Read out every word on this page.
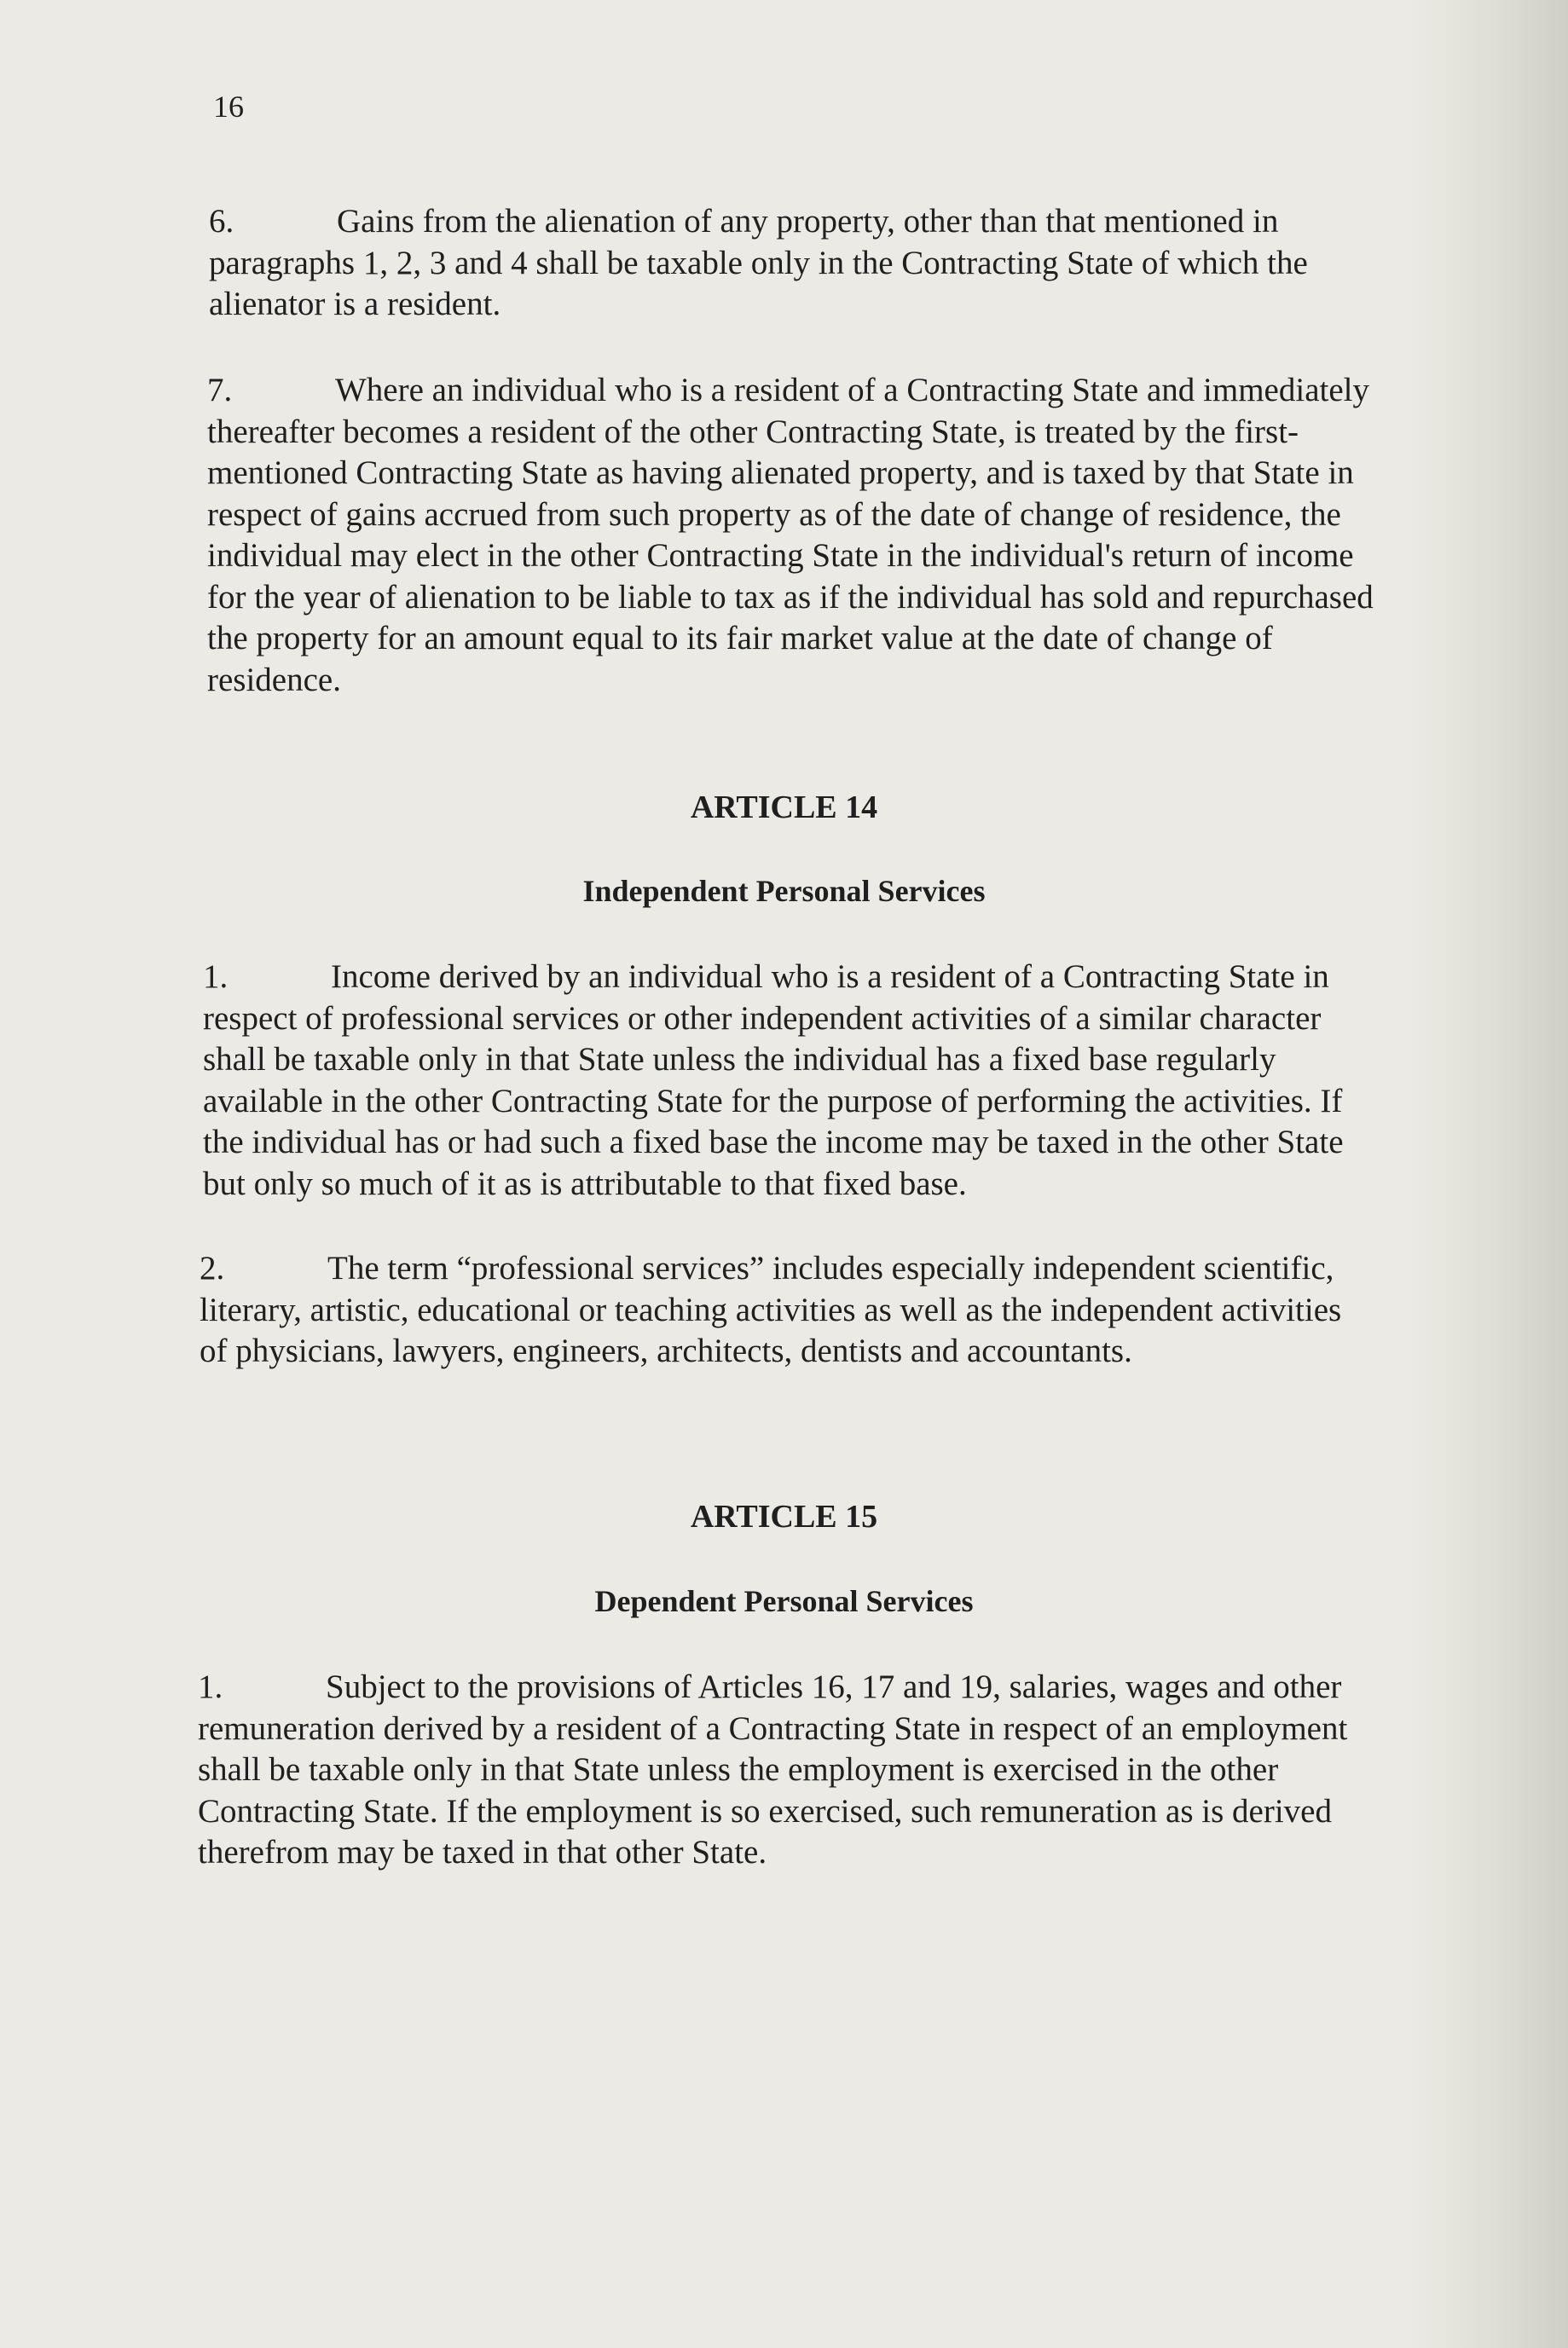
16

6.	Gains from the alienation of any property, other than that mentioned in paragraphs 1, 2, 3 and 4 shall be taxable only in the Contracting State of which the alienator is a resident.

7.	Where an individual who is a resident of a Contracting State and immediately thereafter becomes a resident of the other Contracting State, is treated by the first-mentioned Contracting State as having alienated property, and is taxed by that State in respect of gains accrued from such property as of the date of change of residence, the individual may elect in the other Contracting State in the individual's return of income for the year of alienation to be liable to tax as if the individual has sold and repurchased the property for an amount equal to its fair market value at the date of change of residence.

ARTICLE 14
Independent Personal Services

1.	Income derived by an individual who is a resident of a Contracting State in respect of professional services or other independent activities of a similar character shall be taxable only in that State unless the individual has a fixed base regularly available in the other Contracting State for the purpose of performing the activities. If the individual has or had such a fixed base the income may be taxed in the other State but only so much of it as is attributable to that fixed base.

2.	The term “professional services” includes especially independent scientific, literary, artistic, educational or teaching activities as well as the independent activities of physicians, lawyers, engineers, architects, dentists and accountants.

ARTICLE 15
Dependent Personal Services

1.	Subject to the provisions of Articles 16, 17 and 19, salaries, wages and other remuneration derived by a resident of a Contracting State in respect of an employment shall be taxable only in that State unless the employment is exercised in the other Contracting State. If the employment is so exercised, such remuneration as is derived therefrom may be taxed in that other State.
